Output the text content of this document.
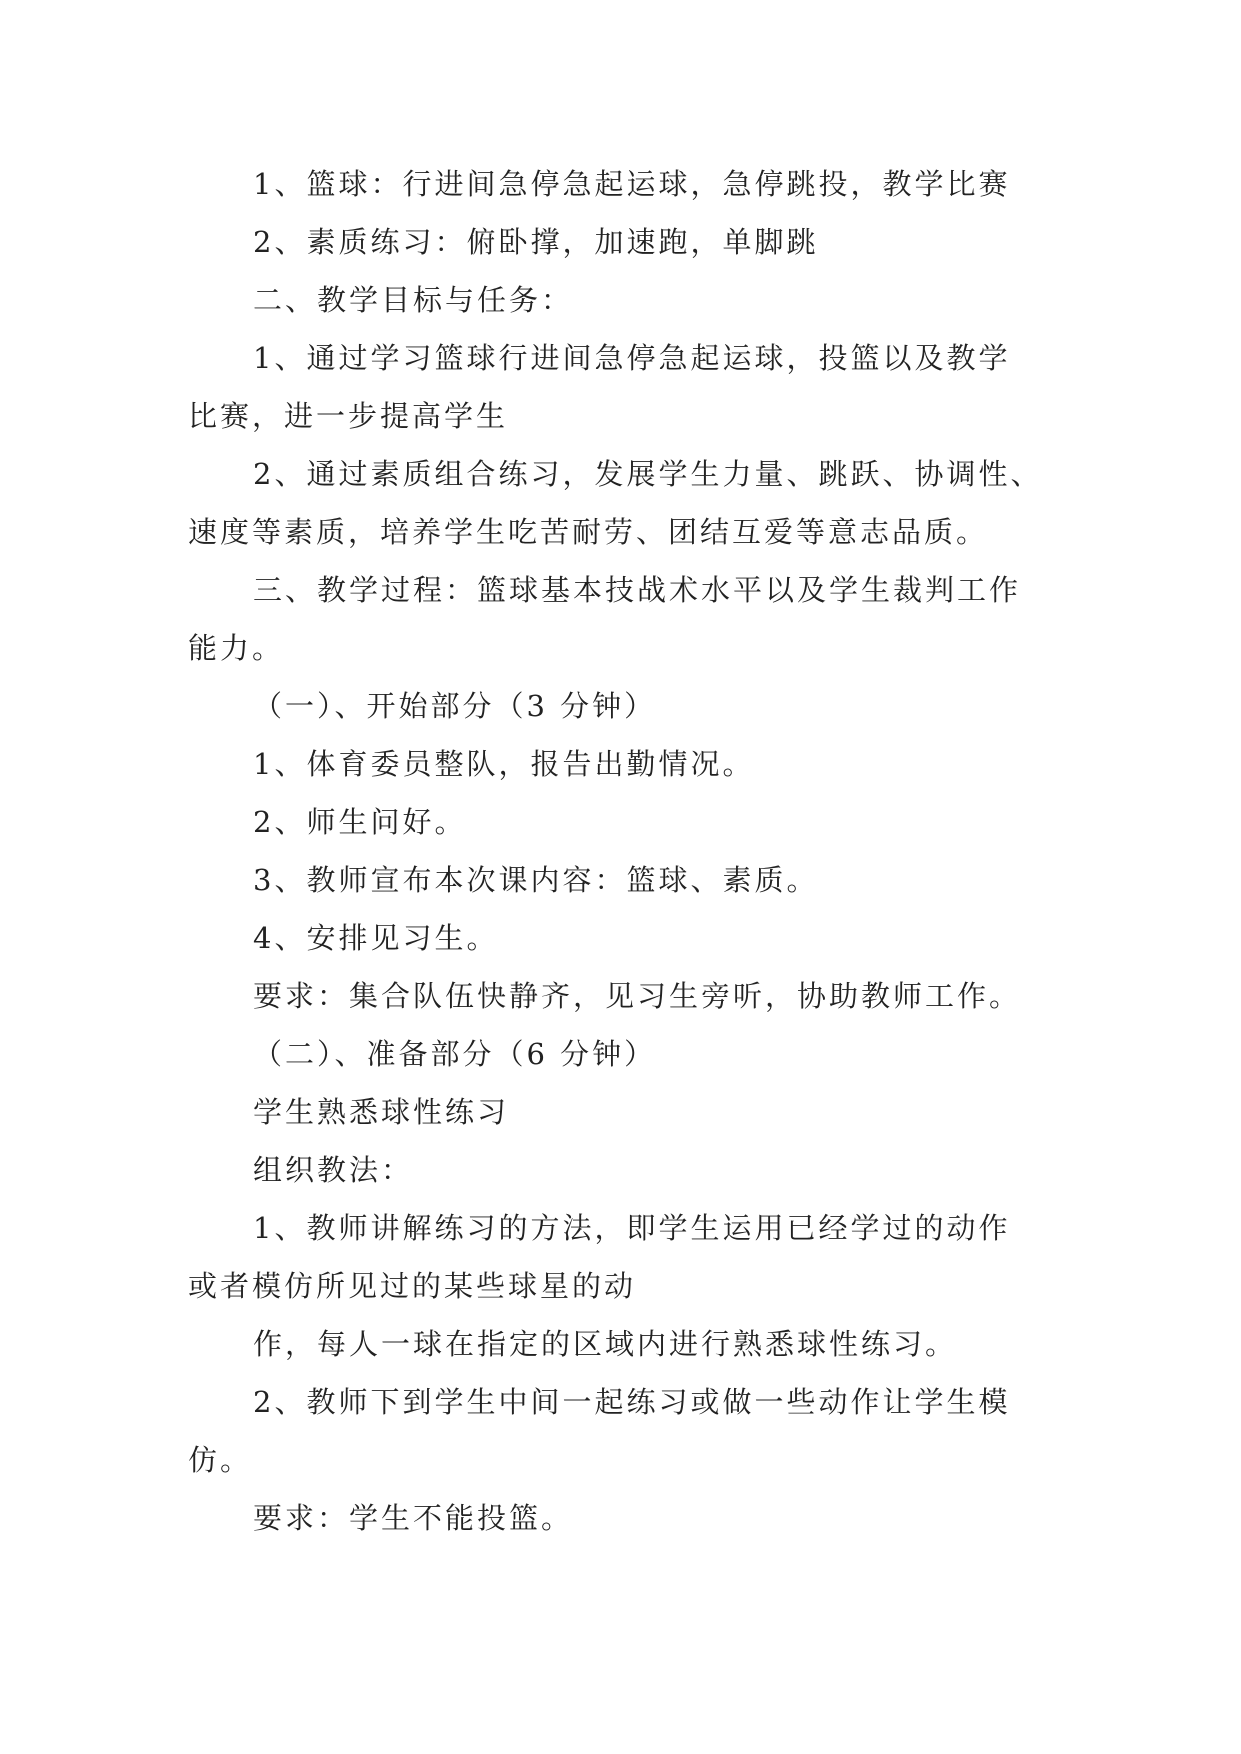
1、篮球：行进间急停急起运球，急停跳投，教学比赛

2、素质练习：俯卧撑，加速跑，单脚跳

二、教学目标与任务：

1、通过学习篮球行进间急停急起运球，投篮以及教学

比赛，进一步提高学生

2、通过素质组合练习，发展学生力量、跳跃、协调性、

速度等素质，培养学生吃苦耐劳、团结互爱等意志品质。

三、教学过程：篮球基本技战术水平以及学生裁判工作

能力。

（一）、开始部分（3 分钟）

1、体育委员整队，报告出勤情况。

2、师生问好。

3、教师宣布本次课内容：篮球、素质。

4、安排见习生。

要求：集合队伍快静齐，见习生旁听，协助教师工作。

（二）、准备部分（6 分钟）

学生熟悉球性练习

组织教法：

1、教师讲解练习的方法，即学生运用已经学过的动作

或者模仿所见过的某些球星的动

作，每人一球在指定的区域内进行熟悉球性练习。

2、教师下到学生中间一起练习或做一些动作让学生模

仿。

要求：学生不能投篮。
